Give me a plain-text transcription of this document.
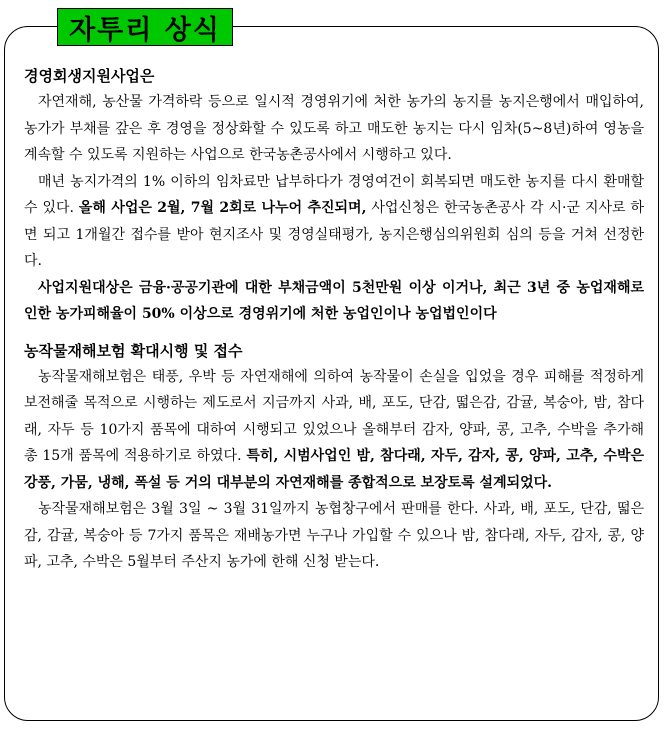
자투리 상식
경영회생지원사업은

자연재해, 농산물 가격하락 등으로 일시적 경영위기에 처한 농가의 농지를 농지은행에서 매입하여, 농가가 부채를 갚은 후 경영을 정상화할 수 있도록 하고 매도한 농지는 다시 임차(5~8년)하여 영농을 계속할 수 있도록 지원하는 사업으로 한국농촌공사에서 시행하고 있다.

매년 농지가격의 1% 이하의 임차료만 납부하다가 경영여건이 회복되면 매도한 농지를 다시 환매할 수 있다. 올해 사업은 2월, 7월 2회로 나누어 추진되며, 사업신청은 한국농촌공사 각 시·군 지사로 하면 되고 1개월간 접수를 받아 현지조사 및 경영실태평가, 농지은행심의위원회 심의 등을 거쳐 선정한다.

사업지원대상은 금융·공공기관에 대한 부채금액이 5천만원 이상 이거나, 최근 3년 중 농업재해로 인한 농가피해율이 50% 이상으로 경영위기에 처한 농업인이나 농업법인이다

농작물재해보험 확대시행 및 접수

농작물재해보험은 태풍, 우박 등 자연재해에 의하여 농작물이 손실을 입었을 경우 피해를 적정하게 보전해줄 목적으로 시행하는 제도로서 지금까지 사과, 배, 포도, 단감, 떫은감, 감귤, 복숭아, 밤, 참다래, 자두 등 10가지 품목에 대하여 시행되고 있었으나 올해부터 감자, 양파, 콩, 고추, 수박을 추가해 총 15개 품목에 적용하기로 하였다. 특히, 시범사업인 밤, 참다래, 자두, 감자, 콩, 양파, 고추, 수박은 강풍, 가뭄, 냉해, 폭설 등 거의 대부분의 자연재해를 종합적으로 보장토록 설계되었다.

농작물재해보험은 3월 3일 ~ 3월 31일까지 농협창구에서 판매를 한다. 사과, 배, 포도, 단감, 떫은감, 감귤, 복숭아 등 7가지 품목은 재배농가면 누구나 가입할 수 있으나 밤, 참다래, 자두, 감자, 콩, 양파, 고추, 수박은 5월부터 주산지 농가에 한해 신청 받는다.
